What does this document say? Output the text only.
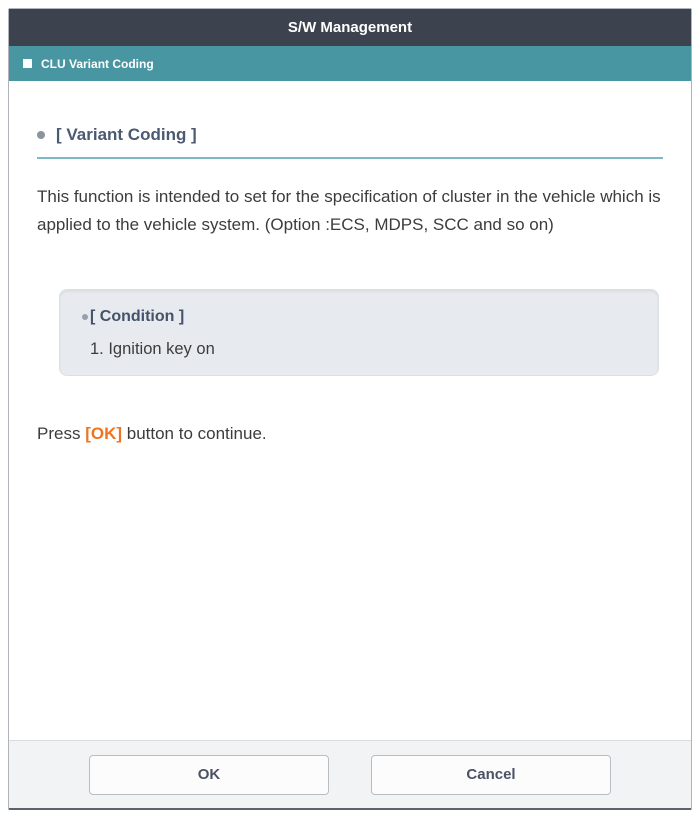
S/W Management
CLU Variant Coding
[ Variant Coding ]
This function is intended to set for the specification of cluster in the vehicle which is applied to the vehicle system. (Option :ECS, MDPS, SCC and so on)
[ Condition ]
1. Ignition key on
Press [OK] button to continue.
OK	Cancel
